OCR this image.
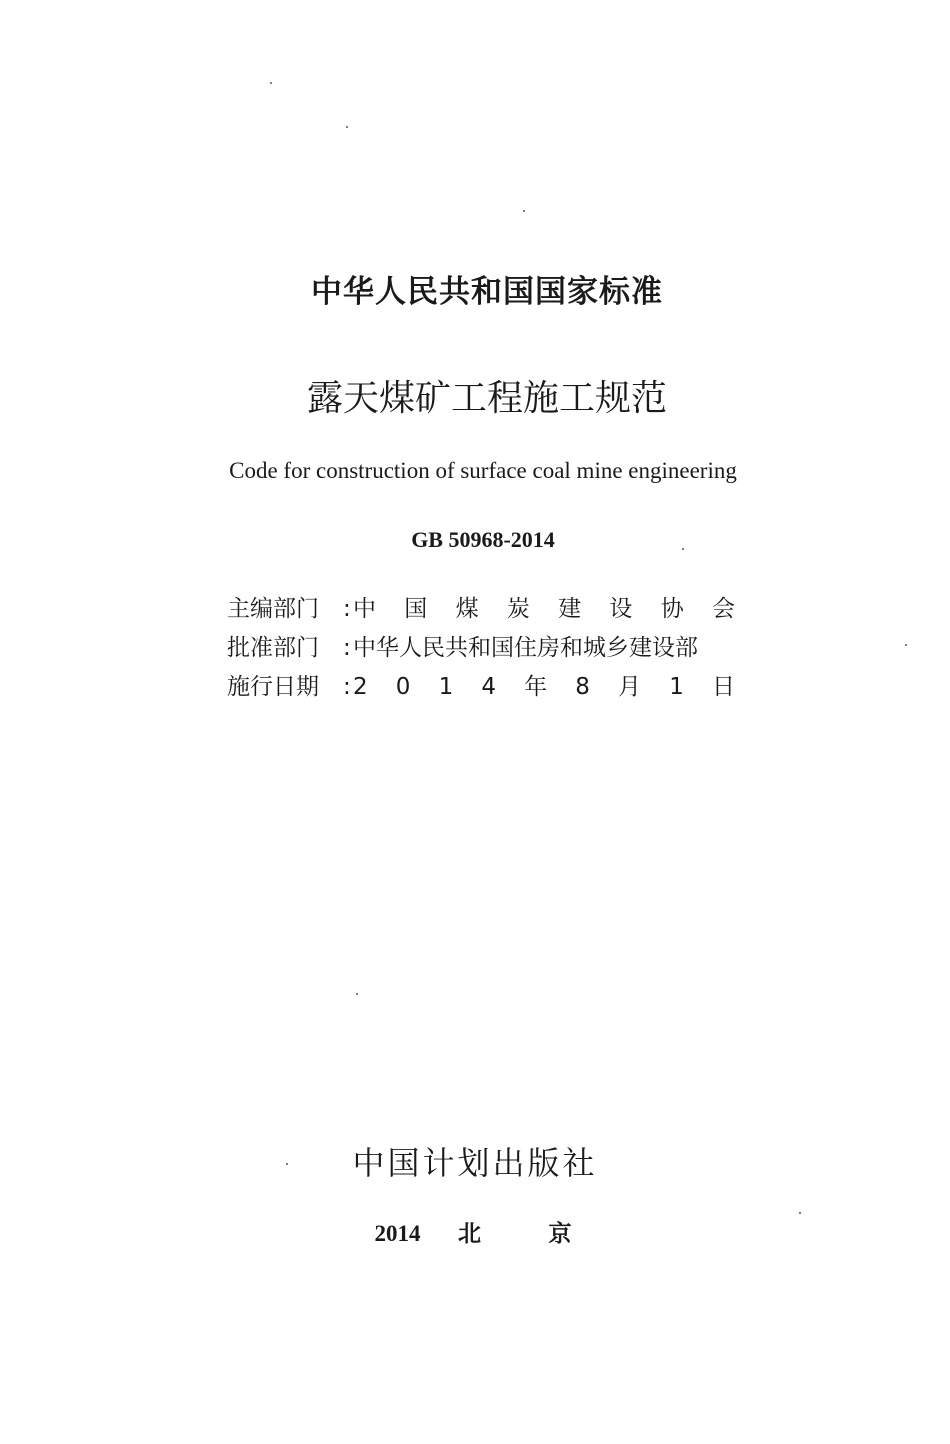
中华人民共和国国家标准
露天煤矿工程施工规范
Code for construction of surface coal mine engineering
GB 50968-2014
主编部门	: 中 国 煤 炭 建 设 协 会
批准部门	: 中华人民共和国住房和城乡建设部
施行日期	: 2 0 1 4 年 8 月 1 日
中国计划出版社
2014 北	京
